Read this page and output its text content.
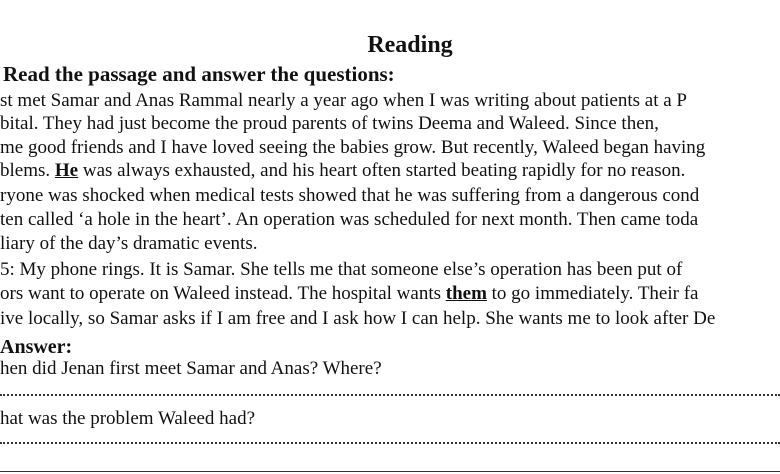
Reading
Read the passage and answer the questions:
st met Samar and Anas Rammal nearly a year ago when I was writing about patients at a P
bital. They had just become the proud parents of twins Deema and Waleed. Since then,
me good friends and I have loved seeing the babies grow. But recently, Waleed began having
blems. He was always exhausted, and his heart often started beating rapidly for no reason.
ryone was shocked when medical tests showed that he was suffering from a dangerous cond
ten called ‘a hole in the heart’. An operation was scheduled for next month. Then came toda
liary of the day’s dramatic events.
5: My phone rings. It is Samar. She tells me that someone else’s operation has been put of
ors want to operate on Waleed instead. The hospital wants them to go immediately. Their fa
ive locally, so Samar asks if I am free and I ask how I can help. She wants me to look after De
Answer:
hen did Jenan first meet Samar and Anas? Where?
hat was the problem Waleed had?
